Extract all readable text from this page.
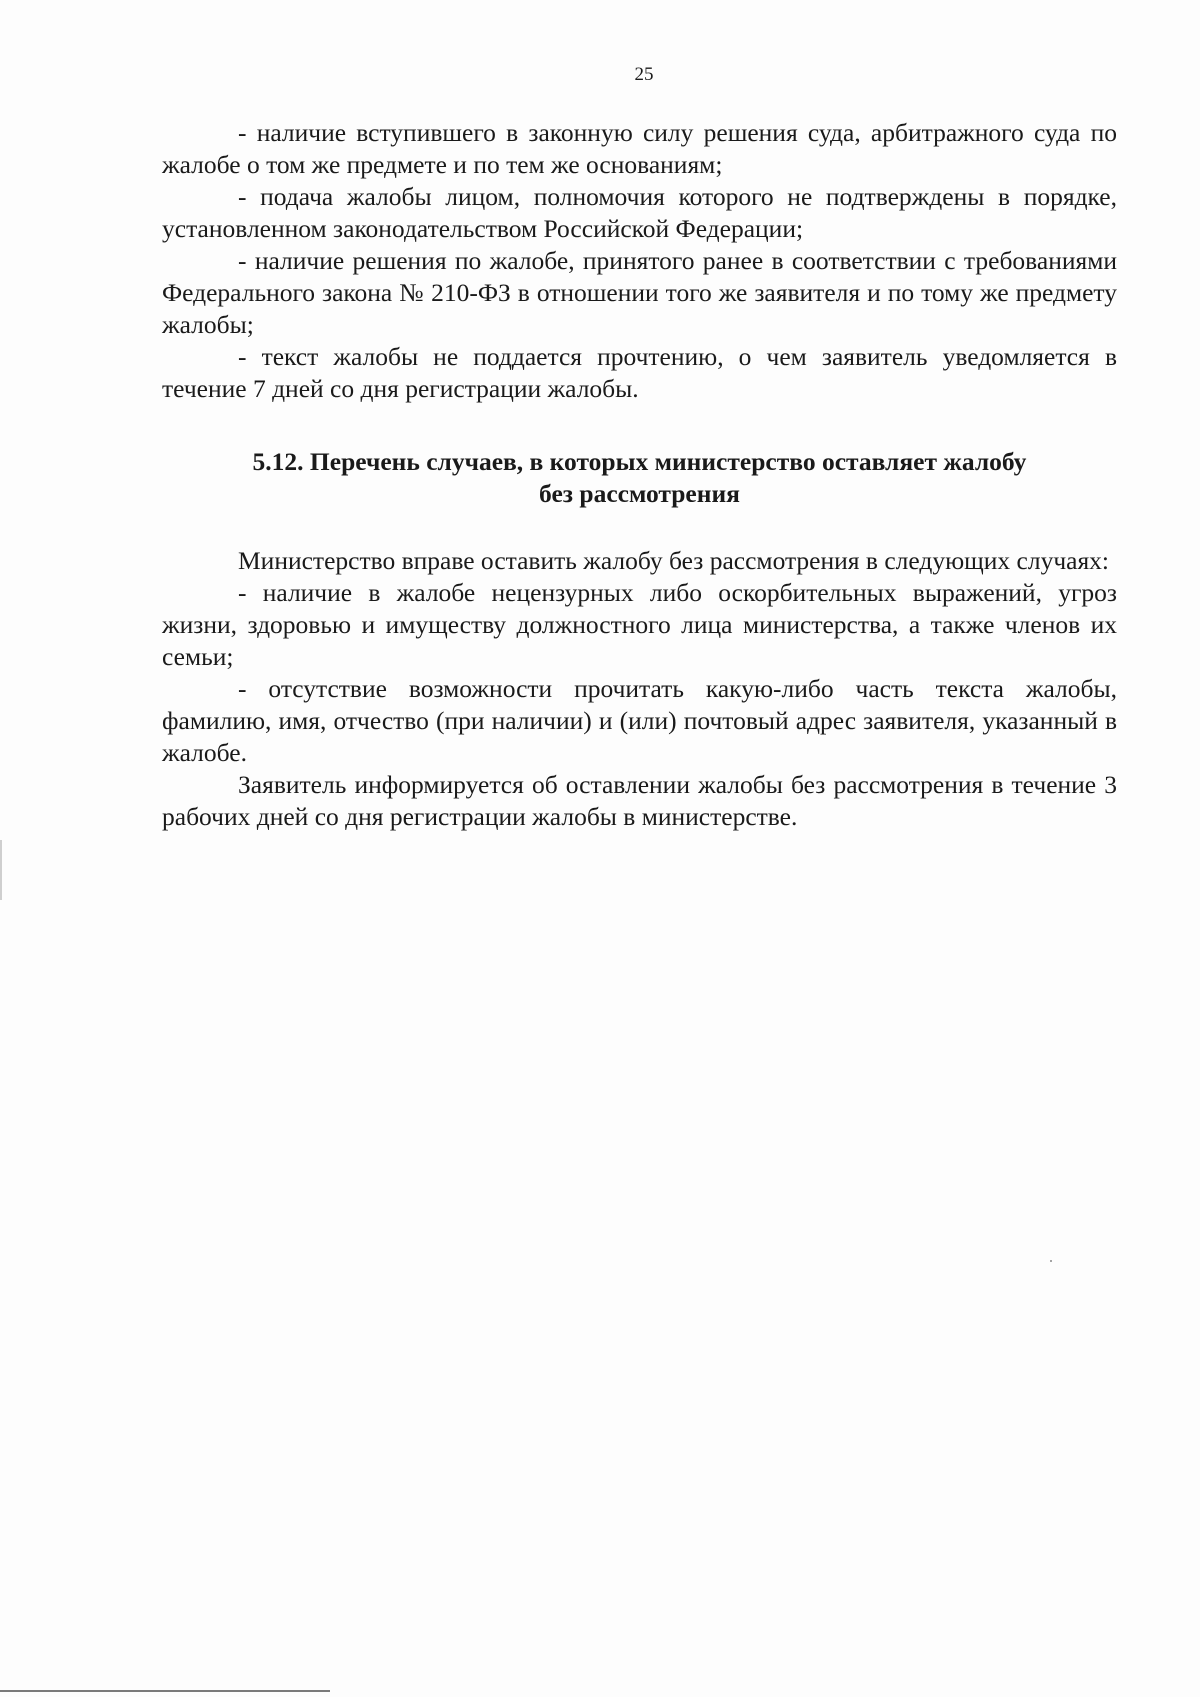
25

- наличие вступившего в законную силу решения суда, арбитражного суда по жалобе о том же предмете и по тем же основаниям;

- подача жалобы лицом, полномочия которого не подтверждены в порядке, установленном законодательством Российской Федерации;

- наличие решения по жалобе, принятого ранее в соответствии с требованиями Федерального закона № 210-ФЗ в отношении того же заявителя и по тому же предмету жалобы;

- текст жалобы не поддается прочтению, о чем заявитель уведомляется в течение 7 дней со дня регистрации жалобы.

5.12. Перечень случаев, в которых министерство оставляет жалобу
без рассмотрения

Министерство вправе оставить жалобу без рассмотрения в следующих случаях:

- наличие в жалобе нецензурных либо оскорбительных выражений, угроз жизни, здоровью и имуществу должностного лица министерства, а также членов их семьи;

- отсутствие возможности прочитать какую-либо часть текста жалобы, фамилию, имя, отчество (при наличии) и (или) почтовый адрес заявителя, указанный в жалобе.

Заявитель информируется об оставлении жалобы без рассмотрения в течение 3 рабочих дней со дня регистрации жалобы в министерстве.
